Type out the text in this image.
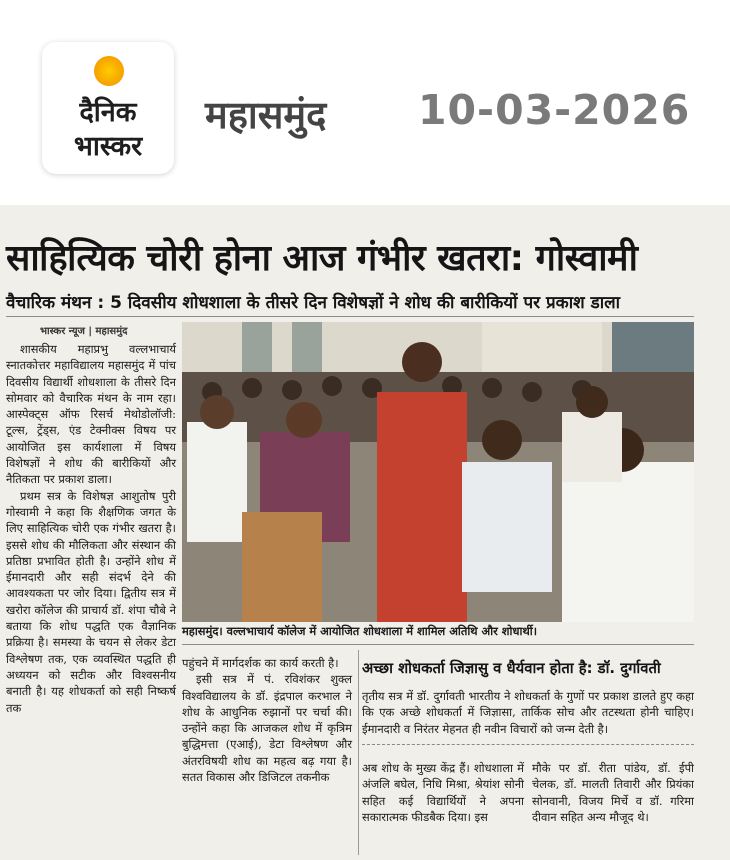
दैनिक
भास्कर
महासमुंद 10-03-2026
साहित्यिक चोरी होना आज गंभीर खतरा: गोस्वामी
वैचारिक मंथन : 5 दिवसीय शोधशाला के तीसरे दिन विशेषज्ञों ने शोध की बारीकियों पर प्रकाश डाला
भास्कर न्यूज | महासमुंद

शासकीय महाप्रभु वल्लभाचार्य स्नातकोत्तर महाविद्यालय महासमुंद में पांच दिवसीय विद्यार्थी शोधशाला के तीसरे दिन सोमवार को वैचारिक मंथन के नाम रहा। आस्पेक्ट्स ऑफ रिसर्च मेथोडोलॉजी: टूल्स, ट्रेंड्स, एंड टेक्नीक्स विषय पर आयोजित इस कार्यशाला में विषय विशेषज्ञों ने शोध की बारीकियों और नैतिकता पर प्रकाश डाला।

प्रथम सत्र के विशेषज्ञ आशुतोष पुरी गोस्वामी ने कहा कि शैक्षणिक जगत के लिए साहित्यिक चोरी एक गंभीर खतरा है। इससे शोध की मौलिकता और संस्थान की प्रतिष्ठा प्रभावित होती है। उन्होंने शोध में ईमानदारी और सही संदर्भ देने की आवश्यकता पर जोर दिया। द्वितीय सत्र में खरोरा कॉलेज की प्राचार्य डॉ. शंपा चौबे ने बताया कि शोध पद्धति एक वैज्ञानिक प्रक्रिया है। समस्या के चयन से लेकर डेटा विश्लेषण तक, एक व्यवस्थित पद्धति ही अध्ययन को सटीक और विश्वसनीय बनाती है। यह शोधकर्ता को सही निष्कर्ष तक

महासमुंद। वल्लभाचार्य कॉलेज में आयोजित शोधशाला में शामिल अतिथि और शोधार्थी।

पहुंचने में मार्गदर्शक का कार्य करती है।

इसी सत्र में पं. रविशंकर शुक्ल विश्वविद्यालय के डॉ. इंद्रपाल करभाल ने शोध के आधुनिक रुझानों पर चर्चा की। उन्होंने कहा कि आजकल शोध में कृत्रिम बुद्धिमत्ता (एआई), डेटा विश्लेषण और अंतरविषयी शोध का महत्व बढ़ गया है। सतत विकास और डिजिटल तकनीक

अच्छा शोधकर्ता जिज्ञासु व धैर्यवान होता है: डॉ. दुर्गावती

तृतीय सत्र में डॉ. दुर्गावती भारतीय ने शोधकर्ता के गुणों पर प्रकाश डालते हुए कहा कि एक अच्छे शोधकर्ता में जिज्ञासा, तार्किक सोच और तटस्थता होनी चाहिए। ईमानदारी व निरंतर मेहनत ही नवीन विचारों को जन्म देती है।

अब शोध के मुख्य केंद्र हैं। शोधशाला में अंजलि बघेल, निधि मिश्रा, श्रेयांश सोनी सहित कई विद्यार्थियों ने अपना सकारात्मक फीडबैक दिया। इस

मौके पर डॉ. रीता पांडेय, डॉ. ईपी चेलक, डॉ. मालती तिवारी और प्रियंका सोनवानी, विजय मिर्चे व डॉ. गरिमा दीवान सहित अन्य मौजूद थे।
